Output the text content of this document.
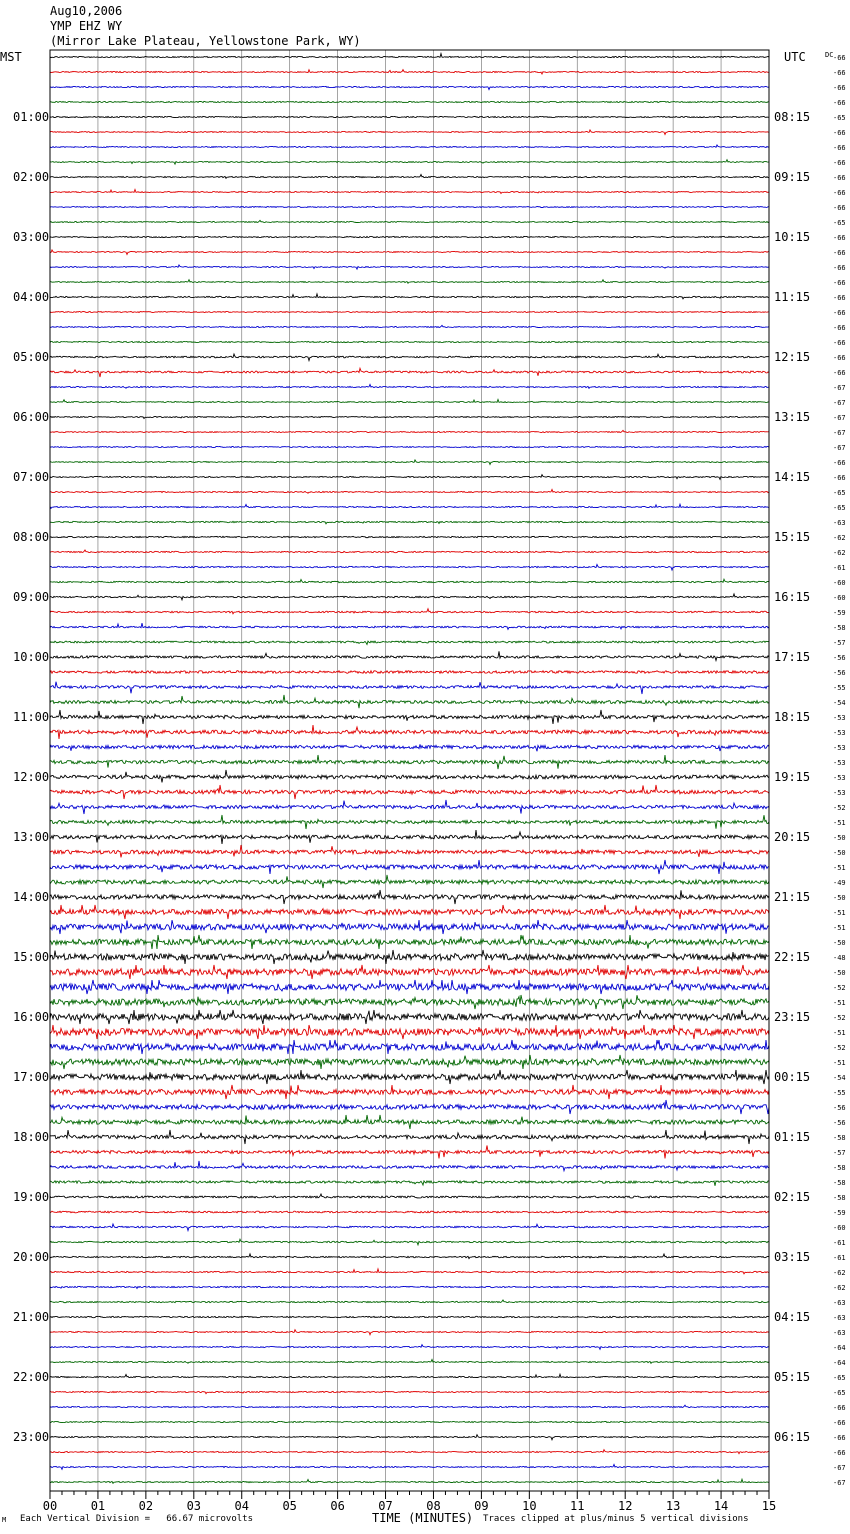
Aug10,2006
YMP EHZ WY
(Mirror Lake Plateau, Yellowstone Park, WY)
MST	UTC	DC -66
-66
-66
-66
-65
-66
-66
-66
-66
-66
-66
-65
-66
-66
-66
-66
-66
-66
-66
-66
-66
-66
-67
-67
-67
-67
-67
-66
-66
-65
-65
-63
-62
-62
-61
-60
-60
-59
-58
-57
-56
-56
-55
-54
-53
-53
-53
-53
-53
-53
-52
-51
-50
-50
-51
-49
-50
-51
-51
-50
-48
-50
-52
-51
-52
-51
-52
-51
-54
-55
-56
-56
-58
-57
-58
-58
-58
-59
-60
-61
-61
-62
-62
-63
-63
-63
-64
-64
-65
-65
-66
-66
-66
-66
-67
-67
01:00
02:00
03:00
04:00
05:00
06:00
07:00
08:00
09:00
10:00
11:00
12:00
13:00
14:00
15:00
16:00
17:00
18:00
19:00
20:00
21:00
22:00
23:00
08:15
09:15
10:15
11:15
12:15
13:15
14:15
15:15
16:15
17:15
18:15
19:15
20:15
21:15
22:15
23:15
00:15
01:15
02:15
03:15
04:15
05:15
06:15
00	01	02	03	04	05	06	07	08	09	10	11	12	13	14	15
M Each Vertical Division =   66.67 microvolts	TIME (MINUTES) Traces clipped at plus/minus 5 vertical divisions
